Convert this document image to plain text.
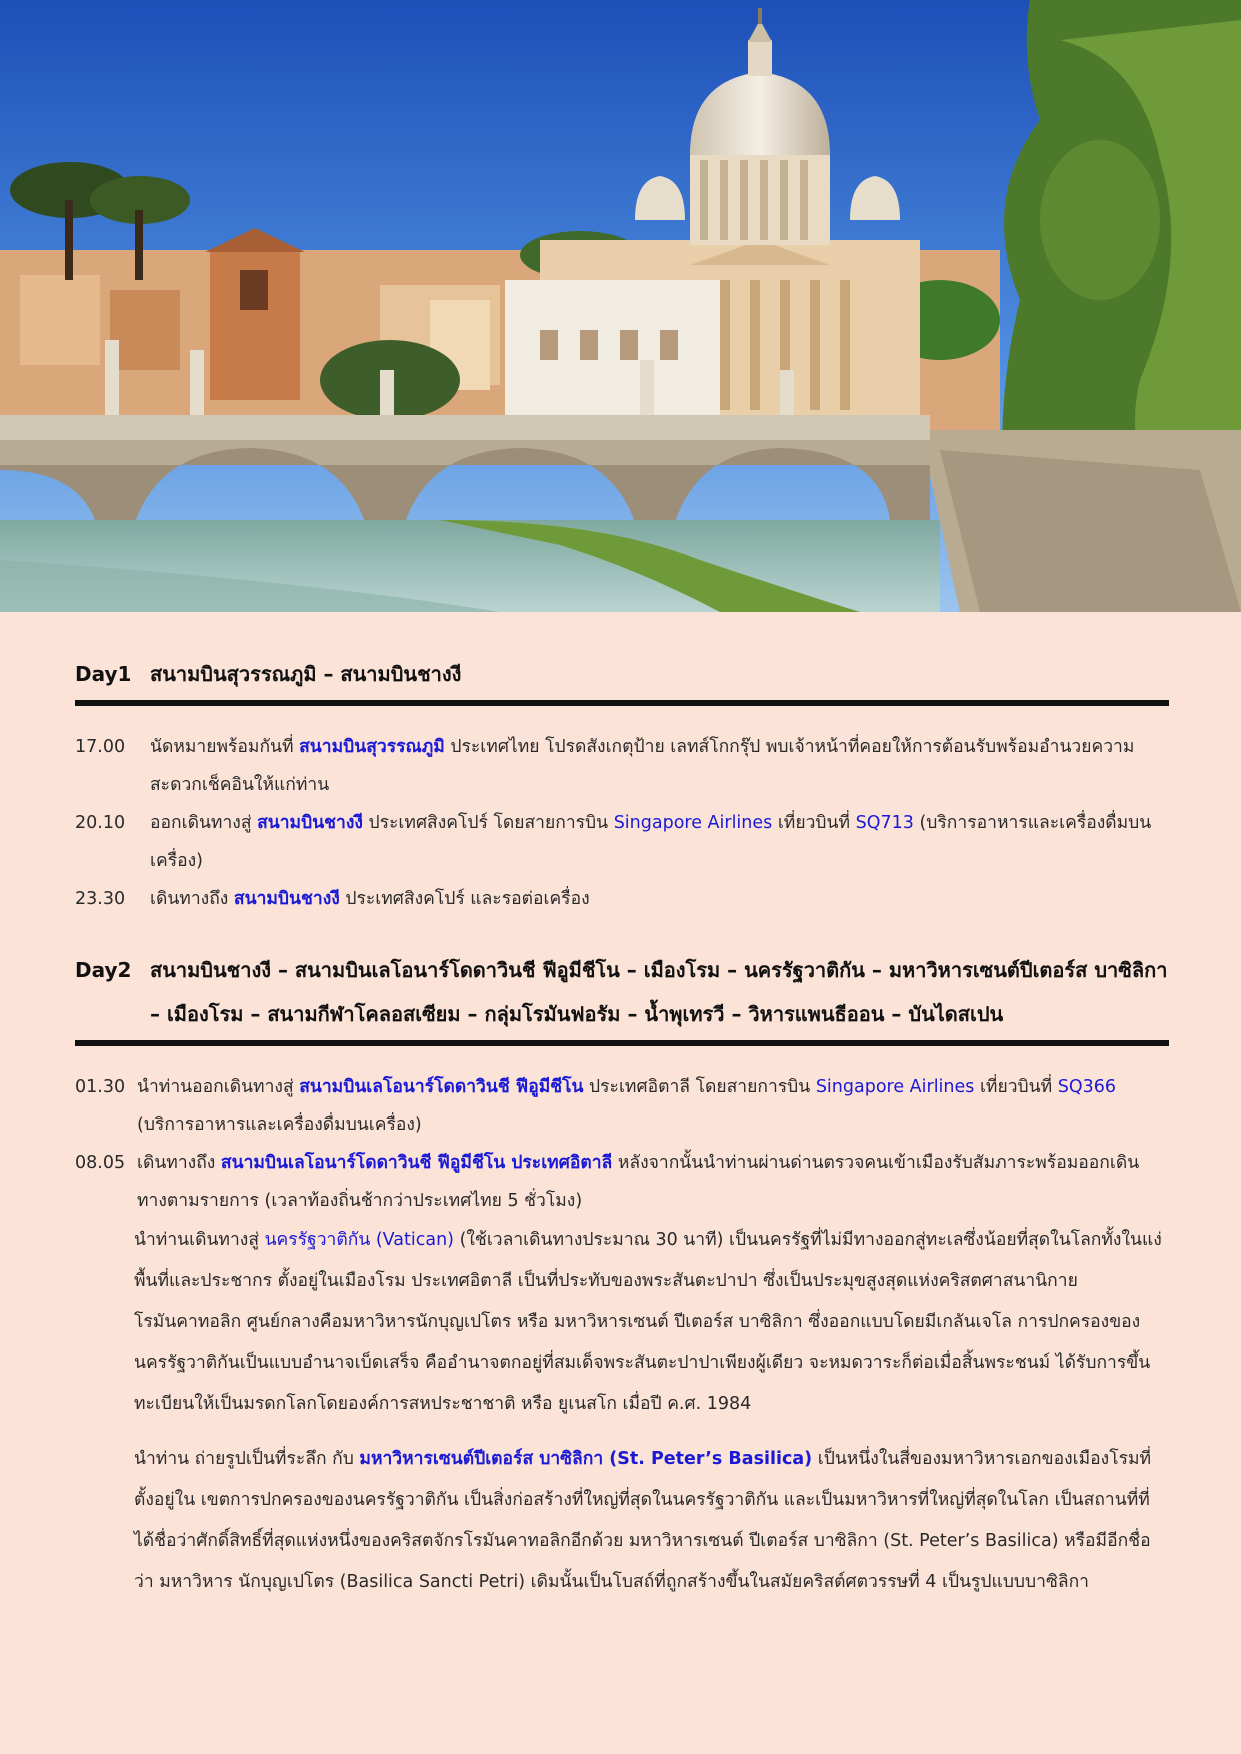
Day1 สนามบินสุวรรณภูมิ – สนามบินชางงี
17.00	นัดหมายพร้อมกันที่ สนามบินสุวรรณภูมิ ประเทศไทย โปรดสังเกตุป้าย เลทส์โกกรุ๊ป พบเจ้าหน้าที่คอยให้การต้อนรับพร้อมอำนวยความสะดวกเช็คอินให้แก่ท่าน
20.10	ออกเดินทางสู่ สนามบินชางงี ประเทศสิงคโปร์ โดยสายการบิน Singapore Airlines เที่ยวบินที่ SQ713 (บริการอาหารและเครื่องดื่มบนเครื่อง)
23.30	เดินทางถึง สนามบินชางงี ประเทศสิงคโปร์ และรอต่อเครื่อง
Day2 สนามบินชางงี – สนามบินเลโอนาร์โดดาวินชี ฟีอูมีชีโน – เมืองโรม – นครรัฐวาติกัน – มหาวิหารเซนต์ปีเตอร์ส บาซิลิกา – เมืองโรม – สนามกีฬาโคลอสเซียม – กลุ่มโรมันฟอรัม – น้ำพุเทรวี – วิหารแพนธีออน – บันไดสเปน
01.30 นำท่านออกเดินทางสู่ สนามบินเลโอนาร์โดดาวินชี ฟีอูมีชีโน ประเทศอิตาลี โดยสายการบิน Singapore Airlines เที่ยวบินที่ SQ366 (บริการอาหารและเครื่องดื่มบนเครื่อง)
08.05 เดินทางถึง สนามบินเลโอนาร์โดดาวินชี ฟีอูมีชีโน ประเทศอิตาลี หลังจากนั้นนำท่านผ่านด่านตรวจคนเข้าเมืองรับสัมภาระพร้อมออกเดินทางตามรายการ (เวลาท้องถิ่นช้ากว่าประเทศไทย 5 ชั่วโมง)
นำท่านเดินทางสู่ นครรัฐวาติกัน (Vatican) (ใช้เวลาเดินทางประมาณ 30 นาที) เป็นนครรัฐที่ไม่มีทางออกสู่ทะเลซึ่งน้อยที่สุดในโลกทั้งในแง่พื้นที่และประชากร ตั้งอยู่ในเมืองโรม ประเทศอิตาลี เป็นที่ประทับของพระสันตะปาปา ซึ่งเป็นประมุขสูงสุดแห่งคริสตศาสนานิกายโรมันคาทอลิก ศูนย์กลางคือมหาวิหารนักบุญเปโตร หรือ มหาวิหารเซนต์ ปีเตอร์ส บาซิลิกา ซึ่งออกแบบโดยมีเกลันเจโล การปกครองของนครรัฐวาติกันเป็นแบบอำนาจเบ็ดเสร็จ คืออำนาจตกอยู่ที่สมเด็จพระสันตะปาปาเพียงผู้เดียว จะหมดวาระก็ต่อเมื่อสิ้นพระชนม์ ได้รับการขึ้นทะเบียนให้เป็นมรดกโลกโดยองค์การสหประชาชาติ หรือ ยูเนสโก เมื่อปี ค.ศ. 1984
นำท่าน ถ่ายรูปเป็นที่ระลึก กับ มหาวิหารเซนต์ปีเตอร์ส บาซิลิกา (St. Peter’s Basilica) เป็นหนึ่งในสี่ของมหาวิหารเอกของเมืองโรมที่ตั้งอยู่ใน เขตการปกครองของนครรัฐวาติกัน เป็นสิ่งก่อสร้างที่ใหญ่ที่สุดในนครรัฐวาติกัน และเป็นมหาวิหารที่ใหญ่ที่สุดในโลก เป็นสถานที่ที่ได้ชื่อว่าศักดิ์สิทธิ์ที่สุดแห่งหนึ่งของคริสตจักรโรมันคาทอลิกอีกด้วย มหาวิหารเซนต์ ปีเตอร์ส บาซิลิกา (St. Peter’s Basilica) หรือมีอีกชื่อว่า มหาวิหาร นักบุญเปโตร (Basilica Sancti Petri) เดิมนั้นเป็นโบสถ์ที่ถูกสร้างขึ้นในสมัยคริสต์ศตวรรษที่ 4 เป็นรูปแบบบาซิลิกา
